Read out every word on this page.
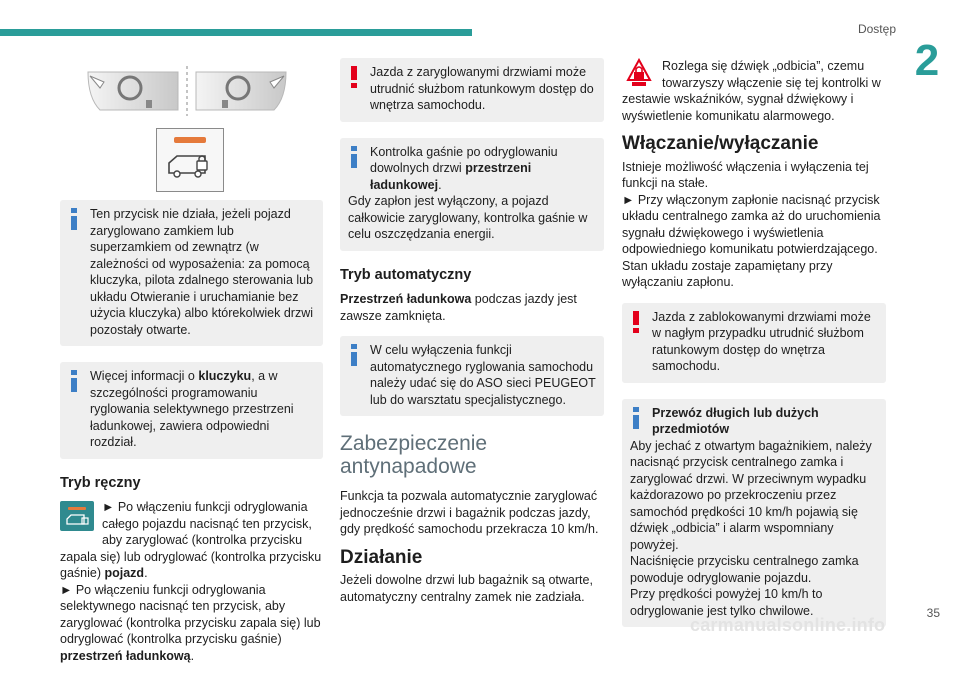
Dostęp
2

Ten przycisk nie działa, jeżeli pojazd zaryglowano zamkiem lub superzamkiem od zewnątrz (w zależności od wyposażenia: za pomocą kluczyka, pilota zdalnego sterowania lub układu Otwieranie i uruchamianie bez użycia kluczyka) albo którekolwiek drzwi pozostały otwarte.

Więcej informacji o kluczyku, a w szczególności programowaniu ryglowania selektywnego przestrzeni ładunkowej, zawiera odpowiedni rozdział.

Tryb ręczny

► Po włączeniu funkcji odryglowania całego pojazdu nacisnąć ten przycisk, aby zaryglować (kontrolka przycisku zapala się) lub odryglować (kontrolka przycisku gaśnie) pojazd.

► Po włączeniu funkcji odryglowania selektywnego nacisnąć ten przycisk, aby zaryglować (kontrolka przycisku zapala się) lub odryglować (kontrolka przycisku gaśnie) przestrzeń ładunkową.

Jazda z zaryglowanymi drzwiami może utrudnić służbom ratunkowym dostęp do wnętrza samochodu.

Kontrolka gaśnie po odryglowaniu dowolnych drzwi przestrzeni ładunkowej.

Gdy zapłon jest wyłączony, a pojazd całkowicie zaryglowany, kontrolka gaśnie w celu oszczędzania energii.

Tryb automatyczny

Przestrzeń ładunkowa podczas jazdy jest zawsze zamknięta.

W celu wyłączenia funkcji automatycznego ryglowania samochodu należy udać się do ASO sieci PEUGEOT lub do warsztatu specjalistycznego.

Zabezpieczenie antynapadowe

Funkcja ta pozwala automatycznie zaryglować jednocześnie drzwi i bagażnik podczas jazdy, gdy prędkość samochodu przekracza 10 km/h.

Działanie

Jeżeli dowolne drzwi lub bagażnik są otwarte, automatyczny centralny zamek nie zadziała.

Rozlega się dźwięk „odbicia”, czemu towarzyszy włączenie się tej kontrolki w zestawie wskaźników, sygnał dźwiękowy i wyświetlenie komunikatu alarmowego.

Włączanie/wyłączanie

Istnieje możliwość włączenia i wyłączenia tej funkcji na stałe.

► Przy włączonym zapłonie nacisnąć przycisk układu centralnego zamka aż do uruchomienia sygnału dźwiękowego i wyświetlenia odpowiedniego komunikatu potwierdzającego.

Stan układu zostaje zapamiętany przy wyłączaniu zapłonu.

Jazda z zablokowanymi drzwiami może w nagłym przypadku utrudnić służbom ratunkowym dostęp do wnętrza samochodu.

Przewóz długich lub dużych przedmiotów

Aby jechać z otwartym bagażnikiem, należy nacisnąć przycisk centralnego zamka i zaryglować drzwi. W przeciwnym wypadku każdorazowo po przekroczeniu przez samochód prędkości 10 km/h pojawią się dźwięk „odbicia” i alarm wspomniany powyżej.

Naciśnięcie przycisku centralnego zamka powoduje odryglowanie pojazdu.

Przy prędkości powyżej 10 km/h to odryglowanie jest tylko chwilowe.	35
carmanualsonline.info
